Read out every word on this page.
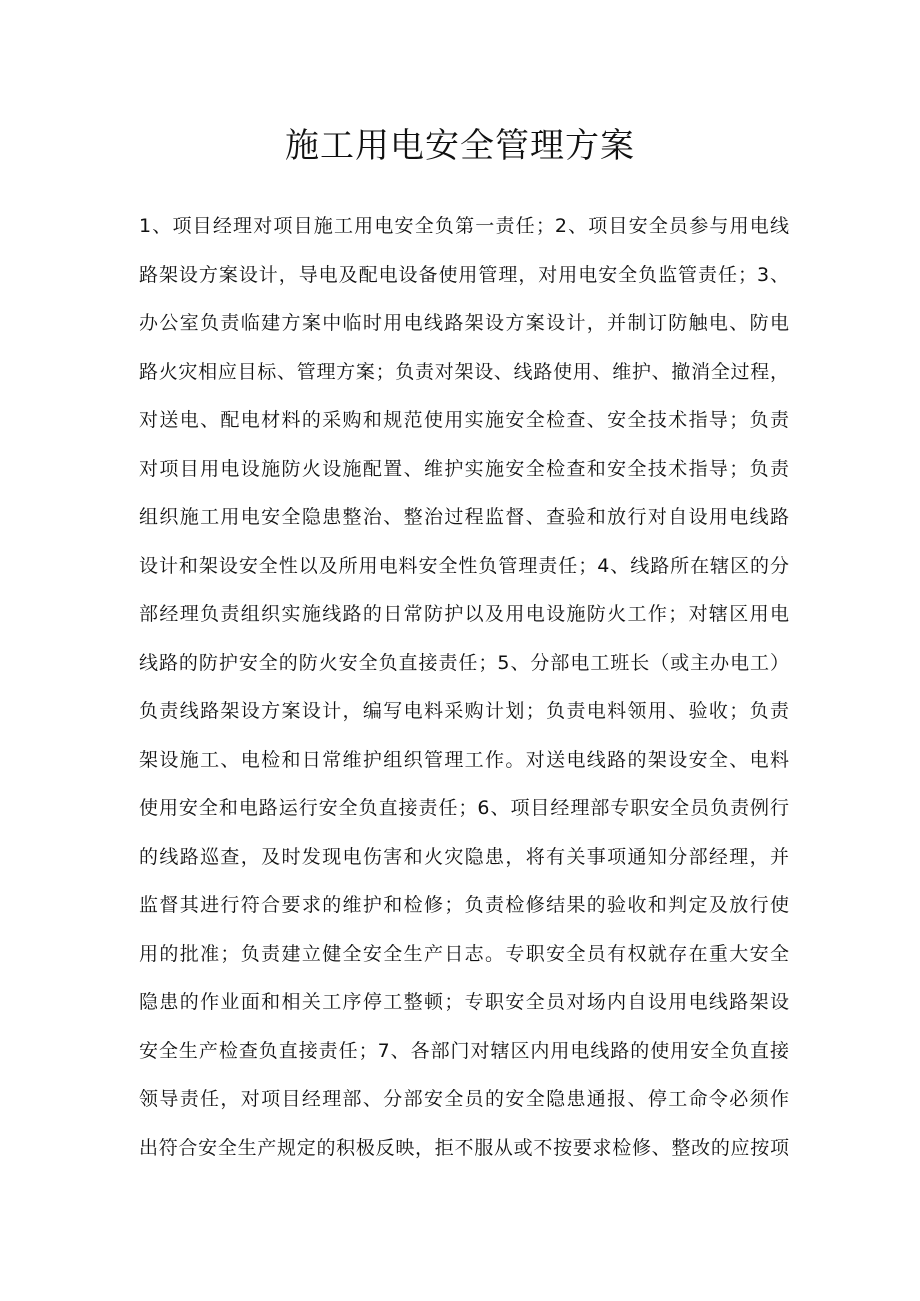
施工用电安全管理方案
1、项目经理对项目施工用电安全负第一责任；2、项目安全员参与用电线
路架设方案设计，导电及配电设备使用管理，对用电安全负监管责任；3、
办公室负责临建方案中临时用电线路架设方案设计，并制订防触电、防电
路火灾相应目标、管理方案；负责对架设、线路使用、维护、撤消全过程，
对送电、配电材料的采购和规范使用实施安全检查、安全技术指导；负责
对项目用电设施防火设施配置、维护实施安全检查和安全技术指导；负责
组织施工用电安全隐患整治、整治过程监督、查验和放行对自设用电线路
设计和架设安全性以及所用电料安全性负管理责任；4、线路所在辖区的分
部经理负责组织实施线路的日常防护以及用电设施防火工作；对辖区用电
线路的防护安全的防火安全负直接责任；5、分部电工班长（或主办电工）
负责线路架设方案设计，编写电料采购计划；负责电料领用、验收；负责
架设施工、电检和日常维护组织管理工作。对送电线路的架设安全、电料
使用安全和电路运行安全负直接责任；6、项目经理部专职安全员负责例行
的线路巡查，及时发现电伤害和火灾隐患，将有关事项通知分部经理，并
监督其进行符合要求的维护和检修；负责检修结果的验收和判定及放行使
用的批准；负责建立健全安全生产日志。专职安全员有权就存在重大安全
隐患的作业面和相关工序停工整顿；专职安全员对场内自设用电线路架设
安全生产检查负直接责任；7、各部门对辖区内用电线路的使用安全负直接
领导责任，对项目经理部、分部安全员的安全隐患通报、停工命令必须作
出符合安全生产规定的积极反映，拒不服从或不按要求检修、整改的应按项
